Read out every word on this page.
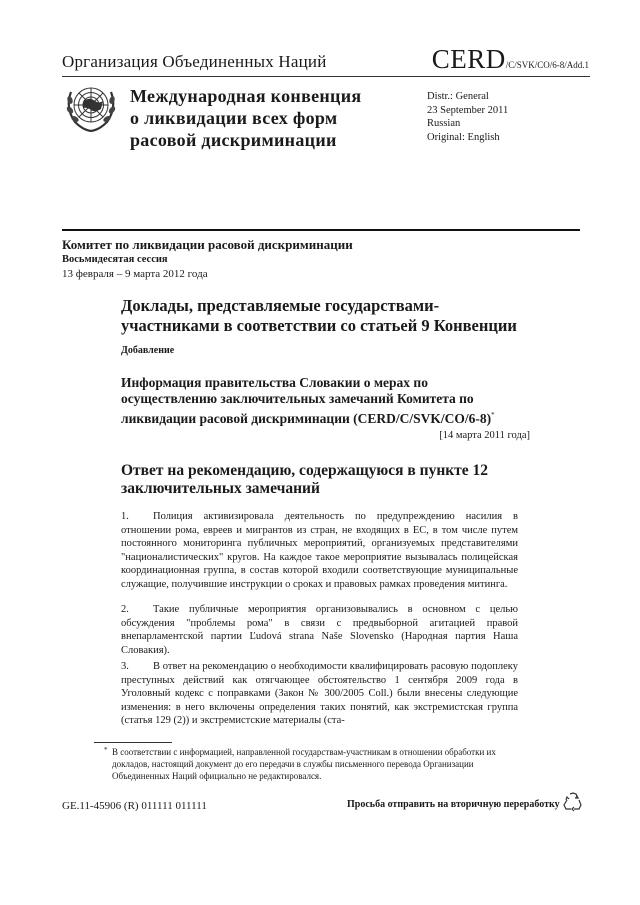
Организация Объединенных Наций	CERD/C/SVK/CO/6-8/Add.1
Международная конвенция
о ликвидации всех форм
расовой дискриминации
Distr.: General
23 September 2011
Russian
Original: English
Комитет по ликвидации расовой дискриминации
Восьмидесятая сессия
13 февраля – 9 марта 2012 года
Доклады, представляемые государствами-
участниками в соответствии со статьей 9 Конвенции
Добавление
Информация правительства Словакии о мерах по
осуществлению заключительных замечаний Комитета по
ликвидации расовой дискриминации (CERD/C/SVK/CO/6-8)*
[14 марта 2011 года]
Ответ на рекомендацию, содержащуюся в пункте 12
заключительных замечаний
1. Полиция активизировала деятельность по предупреждению насилия в отношении рома, евреев и мигрантов из стран, не входящих в ЕС, в том числе путем постоянного мониторинга публичных мероприятий, организуемых представителями "националистических" кругов. На каждое такое мероприятие вызывалась полицейская координационная группа, в состав которой входили соответствующие муниципальные служащие, получившие инструкции о сроках и правовых рамках проведения митинга.
2. Такие публичные мероприятия организовывались в основном с целью обсуждения "проблемы рома" в связи с предвыборной агитацией правой внепарламентской партии Ľudová strana Naše Slovensko (Народная партия Наша Словакия).
3. В ответ на рекомендацию о необходимости квалифицировать расовую подоплеку преступных действий как отягчающее обстоятельство 1 сентября 2009 года в Уголовный кодекс с поправками (Закон № 300/2005 Coll.) были внесены следующие изменения: в него включены определения таких понятий, как экстремистская группа (статья 129 (2)) и экстремистские материалы (ста-
* В соответствии с информацией, направленной государствам-участникам в отношении обработки их докладов, настоящий документ до его передачи в службы письменного перевода Организации Объединенных Наций официально не редактировался.
GE.11-45906 (R) 011111 011111	Просьба отправить на вторичную переработку
